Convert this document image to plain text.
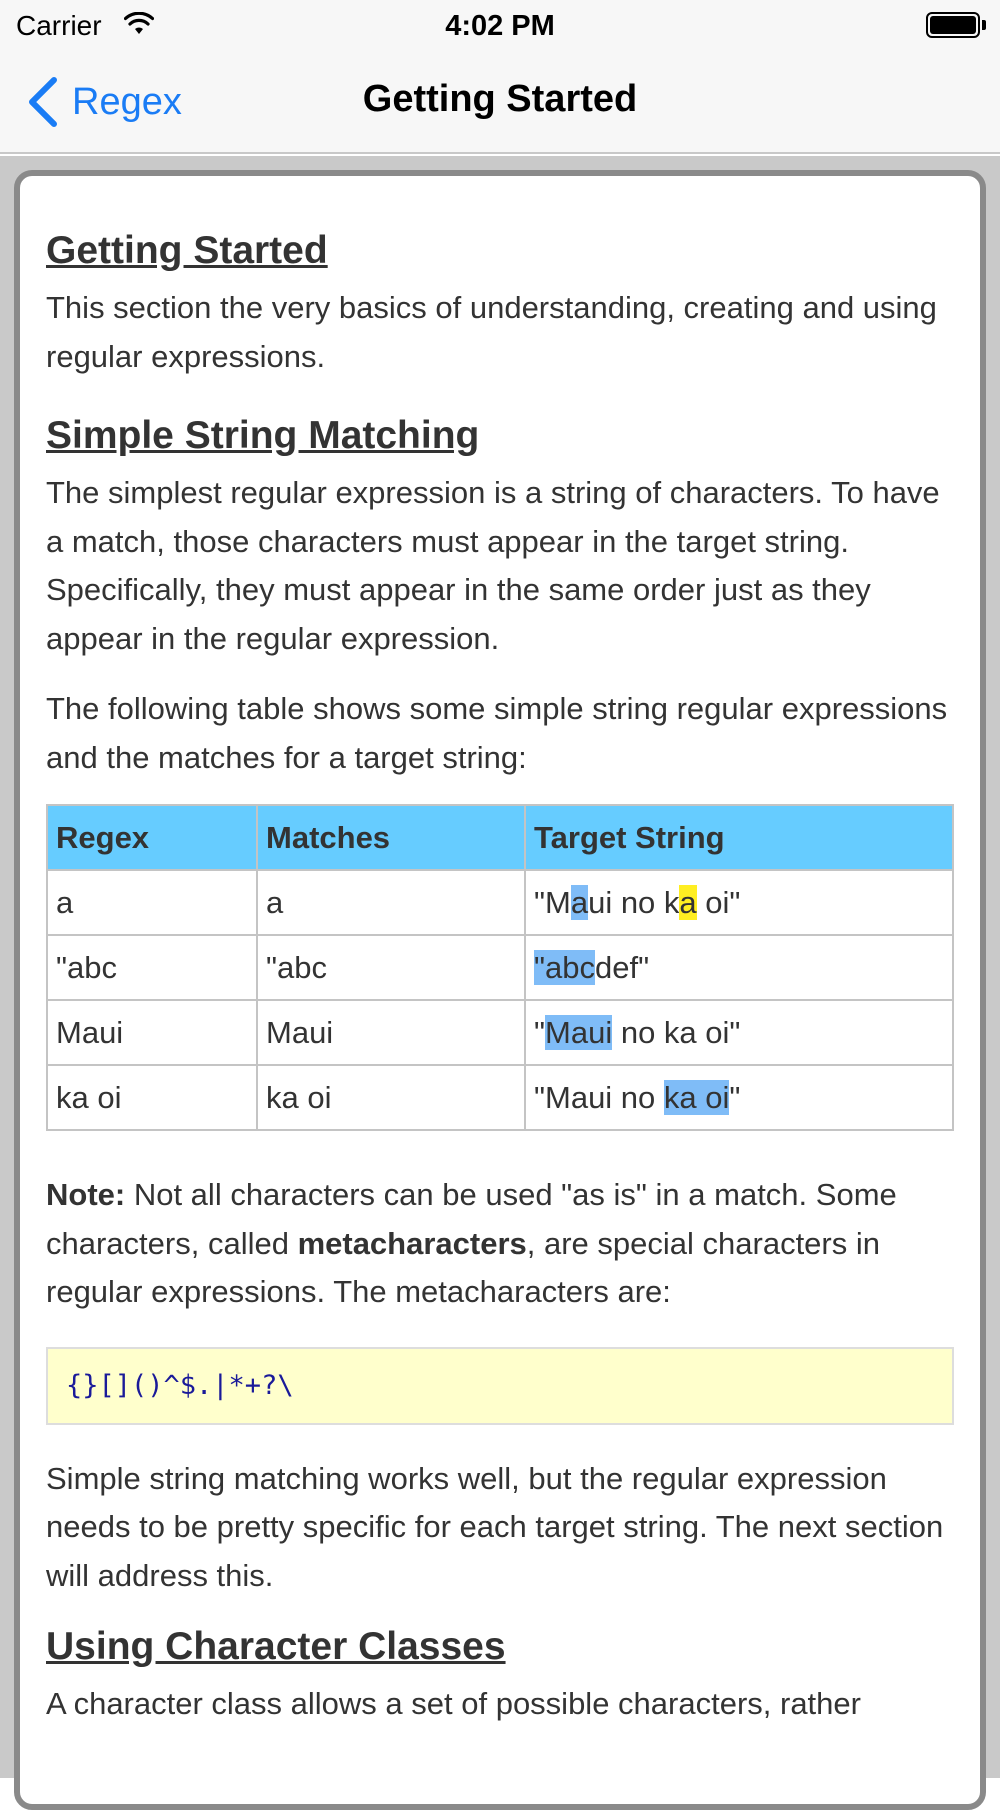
Carrier	4:02 PM
Regex	Getting Started
Getting Started

This section the very basics of understanding, creating and using regular expressions.

Simple String Matching

The simplest regular expression is a string of characters. To have a match, those characters must appear in the target string. Specifically, they must appear in the same order just as they appear in the regular expression.

The following table shows some simple string regular expressions and the matches for a target string:

Regex	Matches	Target String
a	a	"Maui no ka oi"
"abc	"abc	"abcdef"
Maui	Maui	"Maui no ka oi"
ka oi	ka oi	"Maui no ka oi"

Note: Not all characters can be used "as is" in a match. Some characters, called metacharacters, are special characters in regular expressions. The metacharacters are:

{}[]()^$.|*+?\

Simple string matching works well, but the regular expression needs to be pretty specific for each target string. The next section will address this.

Using Character Classes

A character class allows a set of possible characters, rather
